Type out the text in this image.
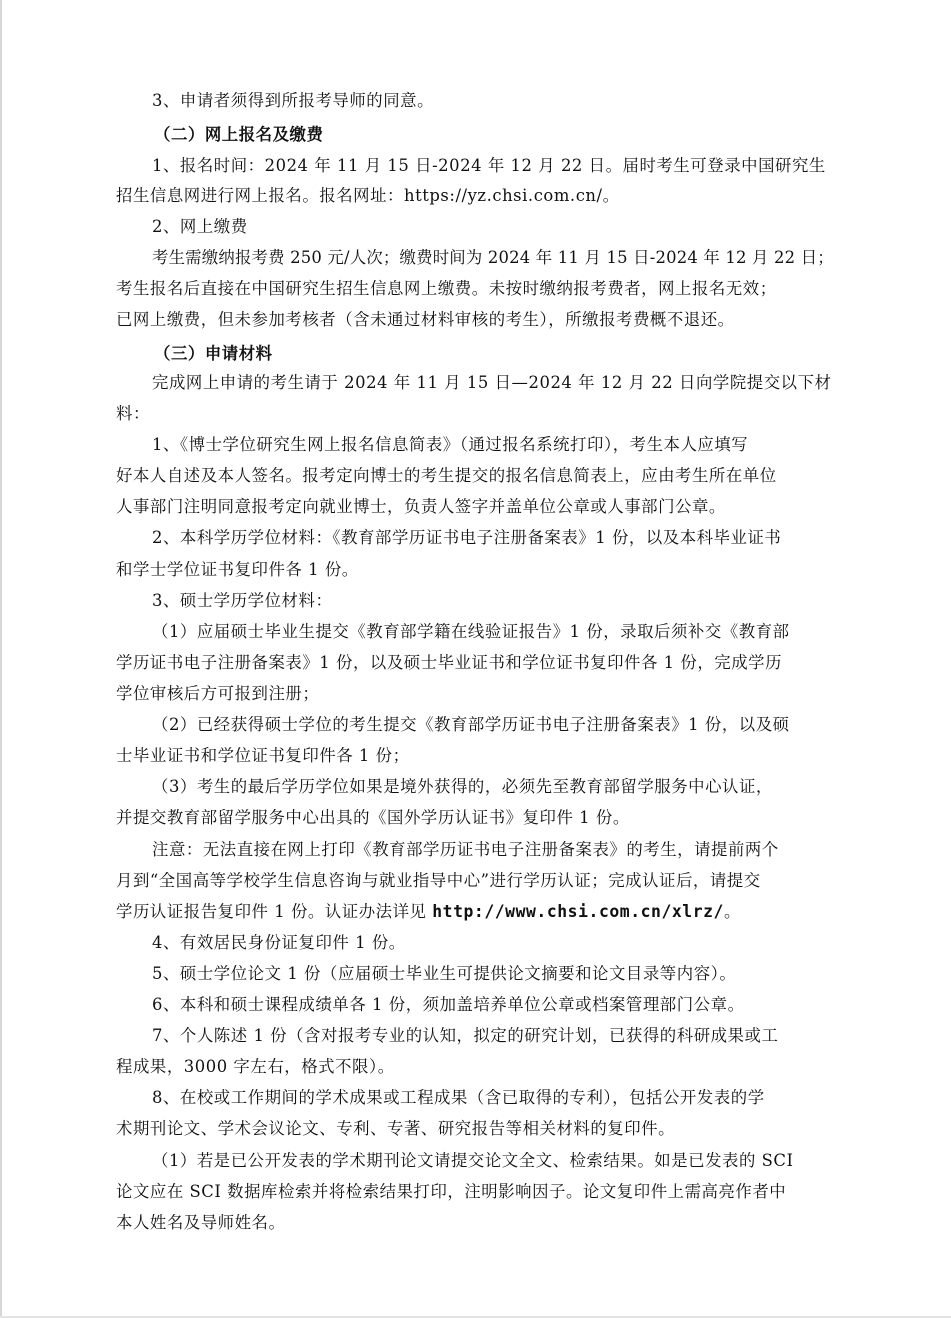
3、申请者须得到所报考导师的同意。
（二）网上报名及缴费
1、报名时间：2024 年 11 月 15 日-2024 年 12 月 22 日。届时考生可登录中国研究生
招生信息网进行网上报名。报名网址：https://yz.chsi.com.cn/。
2、网上缴费
考生需缴纳报考费 250 元/人次；缴费时间为 2024 年 11 月 15 日-2024 年 12 月 22 日；
考生报名后直接在中国研究生招生信息网上缴费。未按时缴纳报考费者，网上报名无效；
已网上缴费，但未参加考核者（含未通过材料审核的考生），所缴报考费概不退还。
（三）申请材料
完成网上申请的考生请于 2024 年 11 月 15 日—2024 年 12 月 22 日向学院提交以下材
料：
1、《博士学位研究生网上报名信息简表》（通过报名系统打印），考生本人应填写
好本人自述及本人签名。报考定向博士的考生提交的报名信息简表上，应由考生所在单位
人事部门注明同意报考定向就业博士，负责人签字并盖单位公章或人事部门公章。
2、本科学历学位材料：《教育部学历证书电子注册备案表》1 份，以及本科毕业证书
和学士学位证书复印件各 1 份。
3、硕士学历学位材料：
（1）应届硕士毕业生提交《教育部学籍在线验证报告》1 份，录取后须补交《教育部
学历证书电子注册备案表》1 份，以及硕士毕业证书和学位证书复印件各 1 份，完成学历
学位审核后方可报到注册；
（2）已经获得硕士学位的考生提交《教育部学历证书电子注册备案表》1 份，以及硕
士毕业证书和学位证书复印件各 1 份；
（3）考生的最后学历学位如果是境外获得的，必须先至教育部留学服务中心认证，
并提交教育部留学服务中心出具的《国外学历认证书》复印件 1 份。
注意：无法直接在网上打印《教育部学历证书电子注册备案表》的考生，请提前两个
月到“全国高等学校学生信息咨询与就业指导中心”进行学历认证；完成认证后，请提交
学历认证报告复印件 1 份。认证办法详见 http://www.chsi.com.cn/xlrz/。
4、有效居民身份证复印件 1 份。
5、硕士学位论文 1 份（应届硕士毕业生可提供论文摘要和论文目录等内容）。
6、本科和硕士课程成绩单各 1 份，须加盖培养单位公章或档案管理部门公章。
7、个人陈述 1 份（含对报考专业的认知，拟定的研究计划，已获得的科研成果或工
程成果，3000 字左右，格式不限）。
8、在校或工作期间的学术成果或工程成果（含已取得的专利），包括公开发表的学
术期刊论文、学术会议论文、专利、专著、研究报告等相关材料的复印件。
（1）若是已公开发表的学术期刊论文请提交论文全文、检索结果。如是已发表的 SCI
论文应在 SCI 数据库检索并将检索结果打印，注明影响因子。论文复印件上需高亮作者中
本人姓名及导师姓名。
